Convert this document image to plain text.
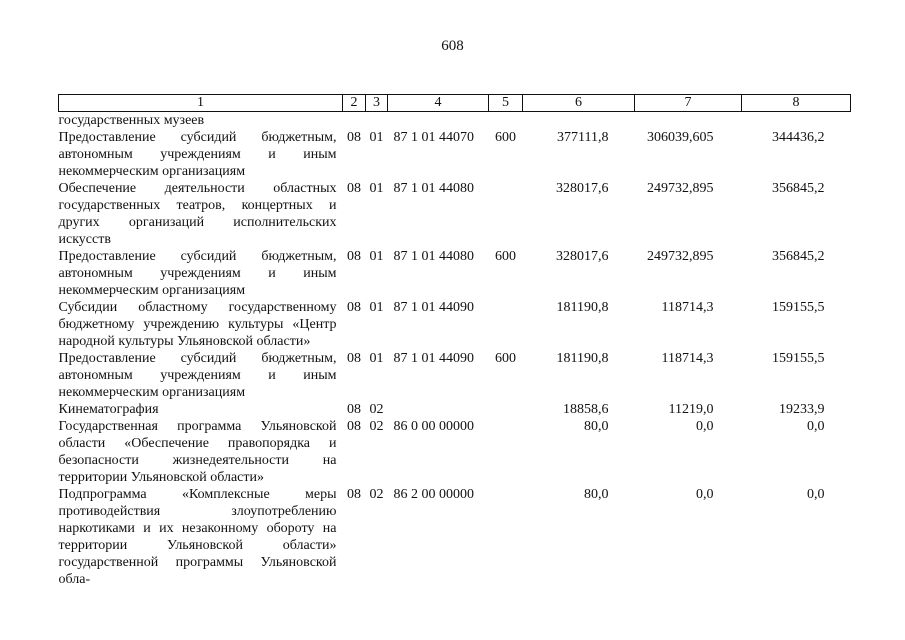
608
1	2	3	4	5	6	7	8
государственных музеев							
Предоставление субсидий бюджетным, автономным учреждениям и иным некоммерческим организациям	08	01	87 1 01 44070	600	377111,8	306039,605	344436,2
Обеспечение деятельности областных государственных театров, концертных и других организаций исполнительских искусств	08	01	87 1 01 44080		328017,6	249732,895	356845,2
Предоставление субсидий бюджетным, автономным учреждениям и иным некоммерческим организациям	08	01	87 1 01 44080	600	328017,6	249732,895	356845,2
Субсидии областному государственному бюджетному учреждению культуры «Центр народной культуры Ульяновской области»	08	01	87 1 01 44090		181190,8	118714,3	159155,5
Предоставление субсидий бюджетным, автономным учреждениям и иным некоммерческим организациям	08	01	87 1 01 44090	600	181190,8	118714,3	159155,5
Кинематография	08	02			18858,6	11219,0	19233,9
Государственная программа Ульяновской области «Обеспечение правопорядка и безопасности жизнедеятельности на территории Ульяновской области»	08	02	86 0 00 00000		80,0	0,0	0,0
Подпрограмма «Комплексные меры противодействия злоупотреблению наркотиками и их незаконному обороту на территории Ульяновской области» государственной программы Ульяновской обла-	08	02	86 2 00 00000		80,0	0,0	0,0
